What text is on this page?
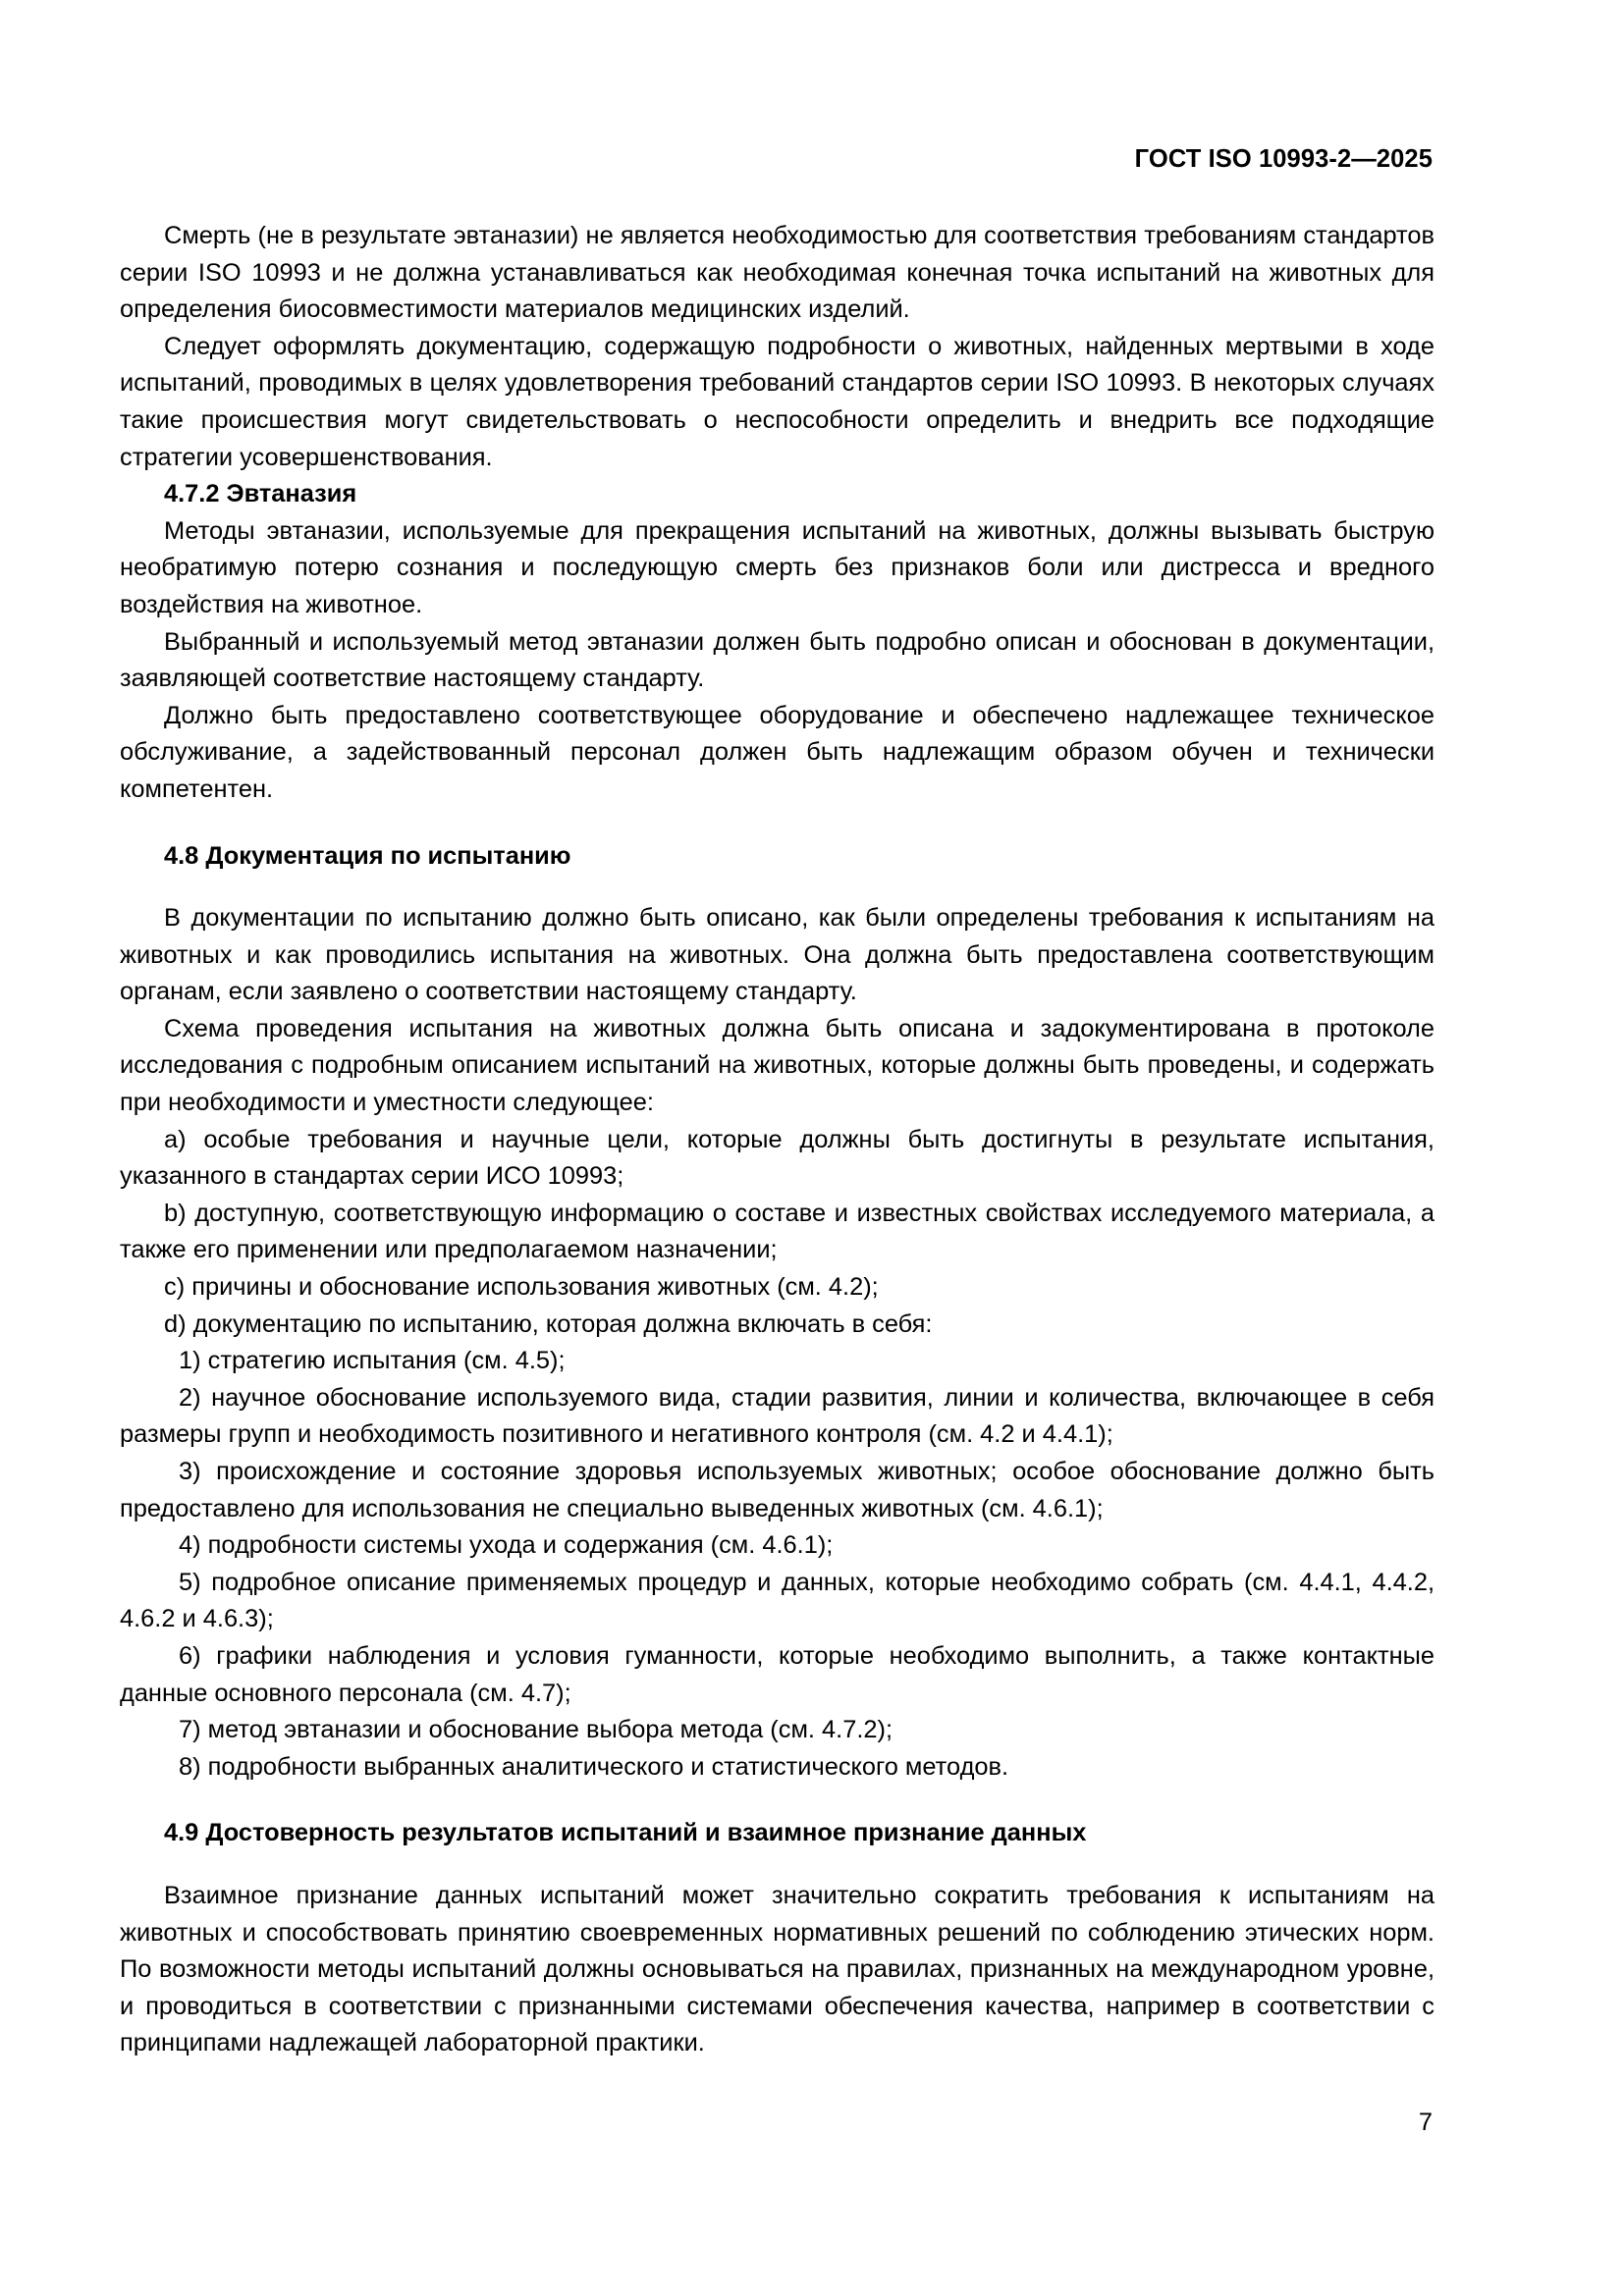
ГОСТ ISO 10993-2—2025

Смерть (не в результате эвтаназии) не является необходимостью для соответствия требованиям стандартов серии ISO 10993 и не должна устанавливаться как необходимая конечная точка испытаний на животных для определения биосовместимости материалов медицинских изделий.

Следует оформлять документацию, содержащую подробности о животных, найденных мертвыми в ходе испытаний, проводимых в целях удовлетворения требований стандартов серии ISO 10993. В некоторых случаях такие происшествия могут свидетельствовать о неспособности определить и внедрить все подходящие стратегии усовершенствования.

4.7.2 Эвтаназия

Методы эвтаназии, используемые для прекращения испытаний на животных, должны вызывать быструю необратимую потерю сознания и последующую смерть без признаков боли или дистресса и вредного воздействия на животное.

Выбранный и используемый метод эвтаназии должен быть подробно описан и обоснован в документации, заявляющей соответствие настоящему стандарту.

Должно быть предоставлено соответствующее оборудование и обеспечено надлежащее техническое обслуживание, а задействованный персонал должен быть надлежащим образом обучен и технически компетентен.

4.8 Документация по испытанию

В документации по испытанию должно быть описано, как были определены требования к испытаниям на животных и как проводились испытания на животных. Она должна быть предоставлена соответствующим органам, если заявлено о соответствии настоящему стандарту.

Схема проведения испытания на животных должна быть описана и задокументирована в протоколе исследования с подробным описанием испытаний на животных, которые должны быть проведены, и содержать при необходимости и уместности следующее:

a) особые требования и научные цели, которые должны быть достигнуты в результате испытания, указанного в стандартах серии ИСО 10993;

b) доступную, соответствующую информацию о составе и известных свойствах исследуемого материала, а также его применении или предполагаемом назначении;

c) причины и обоснование использования животных (см. 4.2);

d) документацию по испытанию, которая должна включать в себя:

1) стратегию испытания (см. 4.5);

2) научное обоснование используемого вида, стадии развития, линии и количества, включающее в себя размеры групп и необходимость позитивного и негативного контроля (см. 4.2 и 4.4.1);

3) происхождение и состояние здоровья используемых животных; особое обоснование должно быть предоставлено для использования не специально выведенных животных (см. 4.6.1);

4) подробности системы ухода и содержания (см. 4.6.1);

5) подробное описание применяемых процедур и данных, которые необходимо собрать (см. 4.4.1, 4.4.2, 4.6.2 и 4.6.3);

6) графики наблюдения и условия гуманности, которые необходимо выполнить, а также контактные данные основного персонала (см. 4.7);

7) метод эвтаназии и обоснование выбора метода (см. 4.7.2);

8) подробности выбранных аналитического и статистического методов.

4.9 Достоверность результатов испытаний и взаимное признание данных

Взаимное признание данных испытаний может значительно сократить требования к испытаниям на животных и способствовать принятию своевременных нормативных решений по соблюдению этических норм. По возможности методы испытаний должны основываться на правилах, признанных на международном уровне, и проводиться в соответствии с признанными системами обеспечения качества, например в соответствии с принципами надлежащей лабораторной практики.

7
